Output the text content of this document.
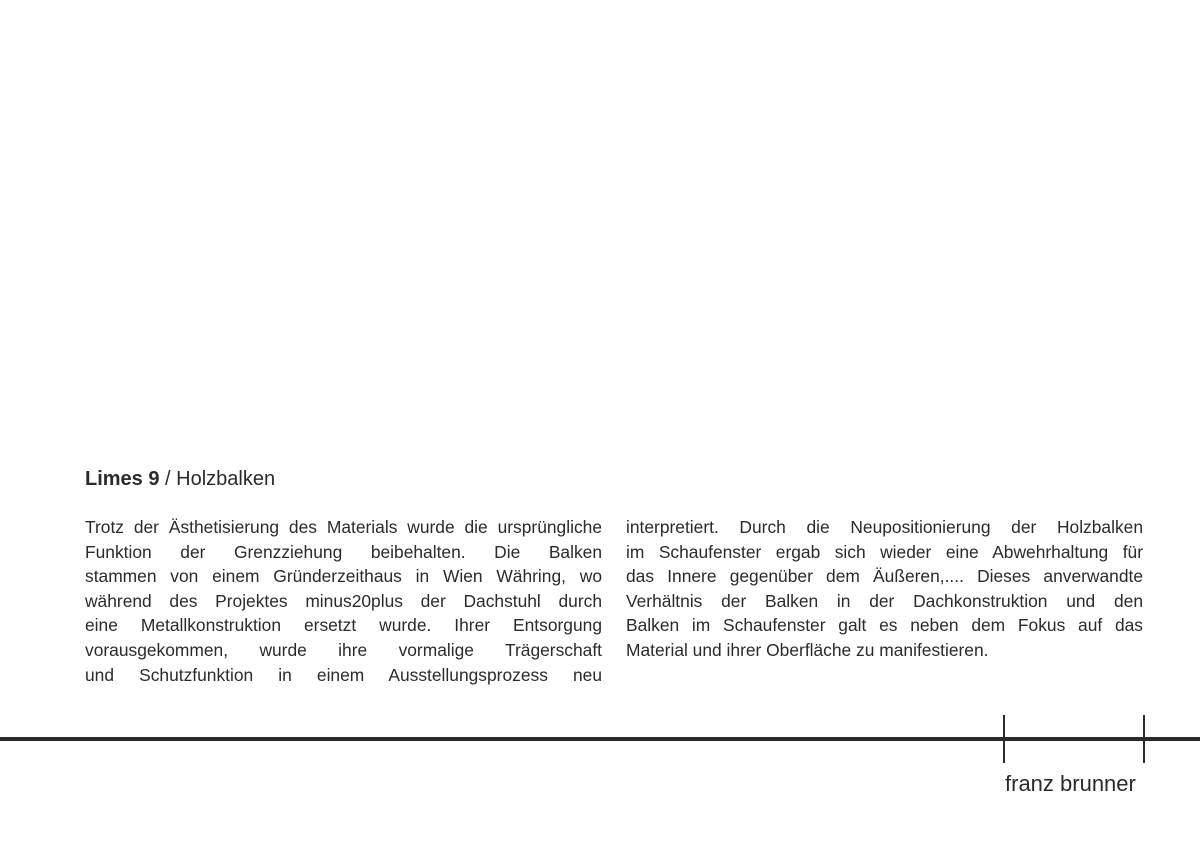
Limes 9 / Holzbalken
Trotz der Ästhetisierung des Materials wurde die ursprüngliche
Funktion der Grenzziehung beibehalten. Die Balken
stammen von einem Gründerzeithaus in Wien Währing, wo
während des Projektes minus20plus der Dachstuhl durch
eine Metallkonstruktion ersetzt wurde. Ihrer Entsorgung
vorausgekommen, wurde ihre vormalige Trägerschaft
und Schutzfunktion in einem Ausstellungsprozess neu
interpretiert. Durch die Neupositionierung der Holzbalken
im Schaufenster ergab sich wieder eine Abwehrhaltung für
das Innere gegenüber dem Äußeren,.... Dieses anverwandte
Verhältnis der Balken in der Dachkonstruktion und den
Balken im Schaufenster galt es neben dem Fokus auf das
Material und ihrer Oberfläche zu manifestieren.
franz brunner
